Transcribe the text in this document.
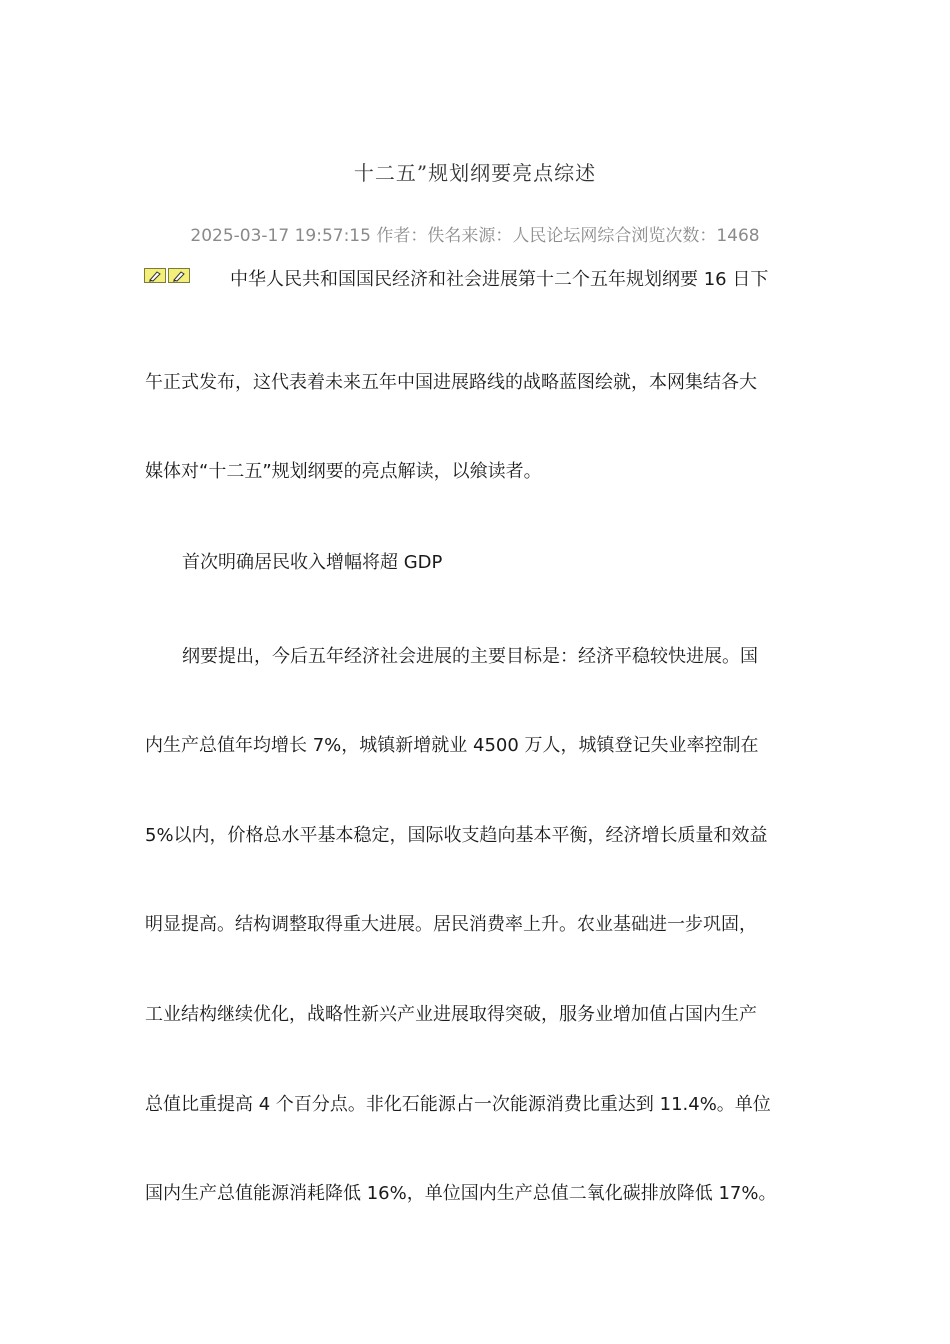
十二五”规划纲要亮点综述
2025-03-17 19:57:15 作者：佚名来源：人民论坛网综合浏览次数：1468
中华人民共和国国民经济和社会进展第十二个五年规划纲要 16 日下
午正式发布，这代表着未来五年中国进展路线的战略蓝图绘就，本网集结各大
媒体对“十二五”规划纲要的亮点解读，以飨读者。
首次明确居民收入增幅将超 GDP
纲要提出，今后五年经济社会进展的主要目标是：经济平稳较快进展。国
内生产总值年均增长 7%，城镇新增就业 4500 万人，城镇登记失业率控制在
5%以内，价格总水平基本稳定，国际收支趋向基本平衡，经济增长质量和效益
明显提高。结构调整取得重大进展。居民消费率上升。农业基础进一步巩固，
工业结构继续优化，战略性新兴产业进展取得突破，服务业增加值占国内生产
总值比重提高 4 个百分点。非化石能源占一次能源消费比重达到 11.4%。单位
国内生产总值能源消耗降低 16%，单位国内生产总值二氧化碳排放降低 17%。
